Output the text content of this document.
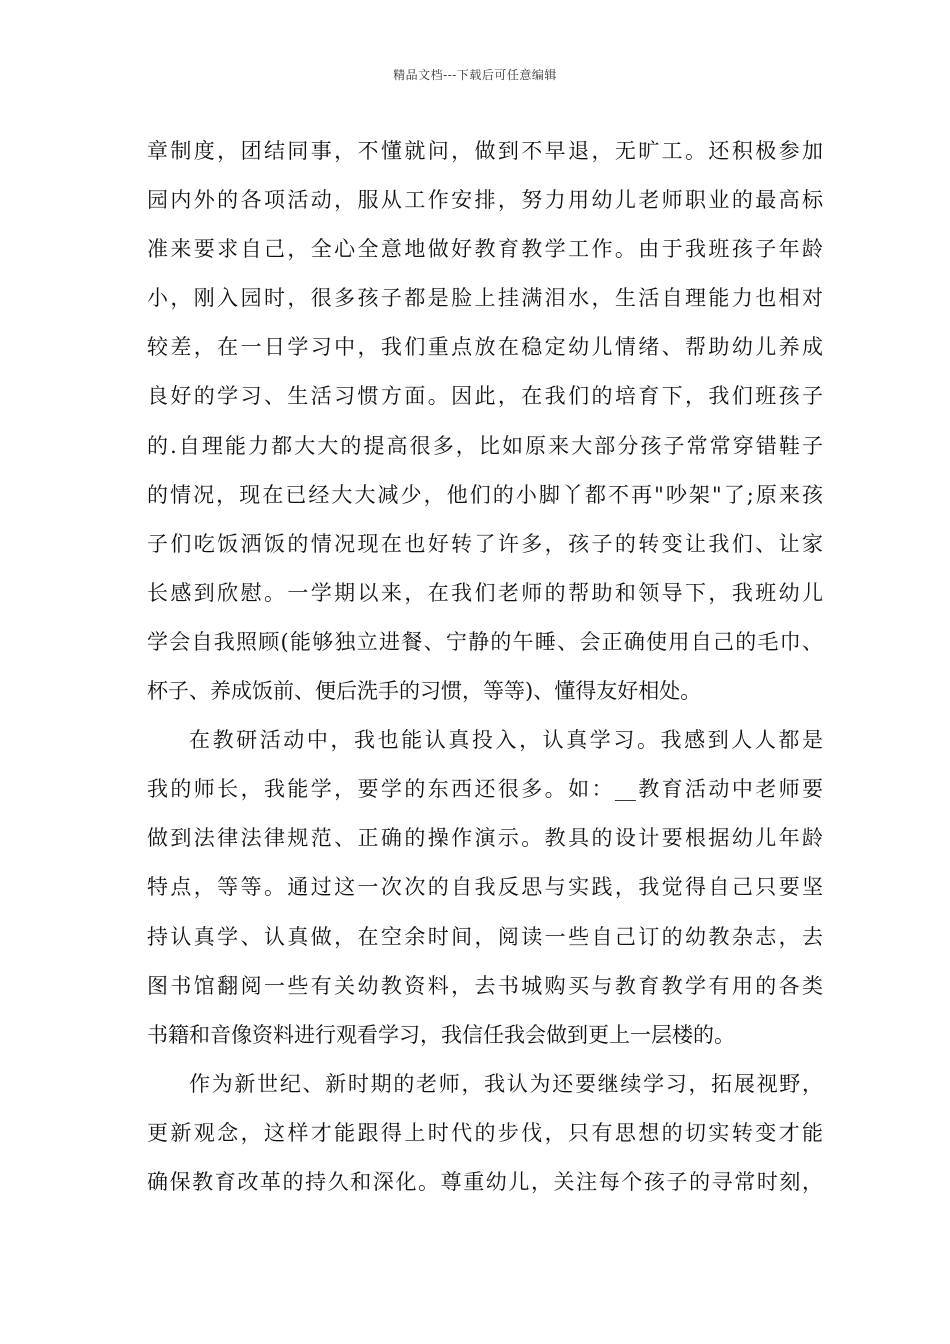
精品文档---下载后可任意编辑
章制度，团结同事，不懂就问，做到不早退，无旷工。还积极参加
园内外的各项活动，服从工作安排，努力用幼儿老师职业的最高标
准来要求自己，全心全意地做好教育教学工作。由于我班孩子年龄
小，刚入园时，很多孩子都是脸上挂满泪水，生活自理能力也相对
较差，在一日学习中，我们重点放在稳定幼儿情绪、帮助幼儿养成
良好的学习、生活习惯方面。因此，在我们的培育下，我们班孩子
的.自理能力都大大的提高很多，比如原来大部分孩子常常穿错鞋子
的情况，现在已经大大减少，他们的小脚丫都不再"吵架"了;原来孩
子们吃饭洒饭的情况现在也好转了许多，孩子的转变让我们、让家
长感到欣慰。一学期以来，在我们老师的帮助和领导下，我班幼儿
学会自我照顾(能够独立进餐、宁静的午睡、会正确使用自己的毛巾、
杯子、养成饭前、便后洗手的习惯，等等)、懂得友好相处。
在教研活动中，我也能认真投入，认真学习。我感到人人都是
我的师长，我能学，要学的东西还很多。如：__教育活动中老师要
做到法律法律规范、正确的操作演示。教具的设计要根据幼儿年龄
特点，等等。通过这一次次的自我反思与实践，我觉得自己只要坚
持认真学、认真做，在空余时间，阅读一些自己订的幼教杂志，去
图书馆翻阅一些有关幼教资料，去书城购买与教育教学有用的各类
书籍和音像资料进行观看学习，我信任我会做到更上一层楼的。
作为新世纪、新时期的老师，我认为还要继续学习，拓展视野，
更新观念，这样才能跟得上时代的步伐，只有思想的切实转变才能
确保教育改革的持久和深化。尊重幼儿，关注每个孩子的寻常时刻，
